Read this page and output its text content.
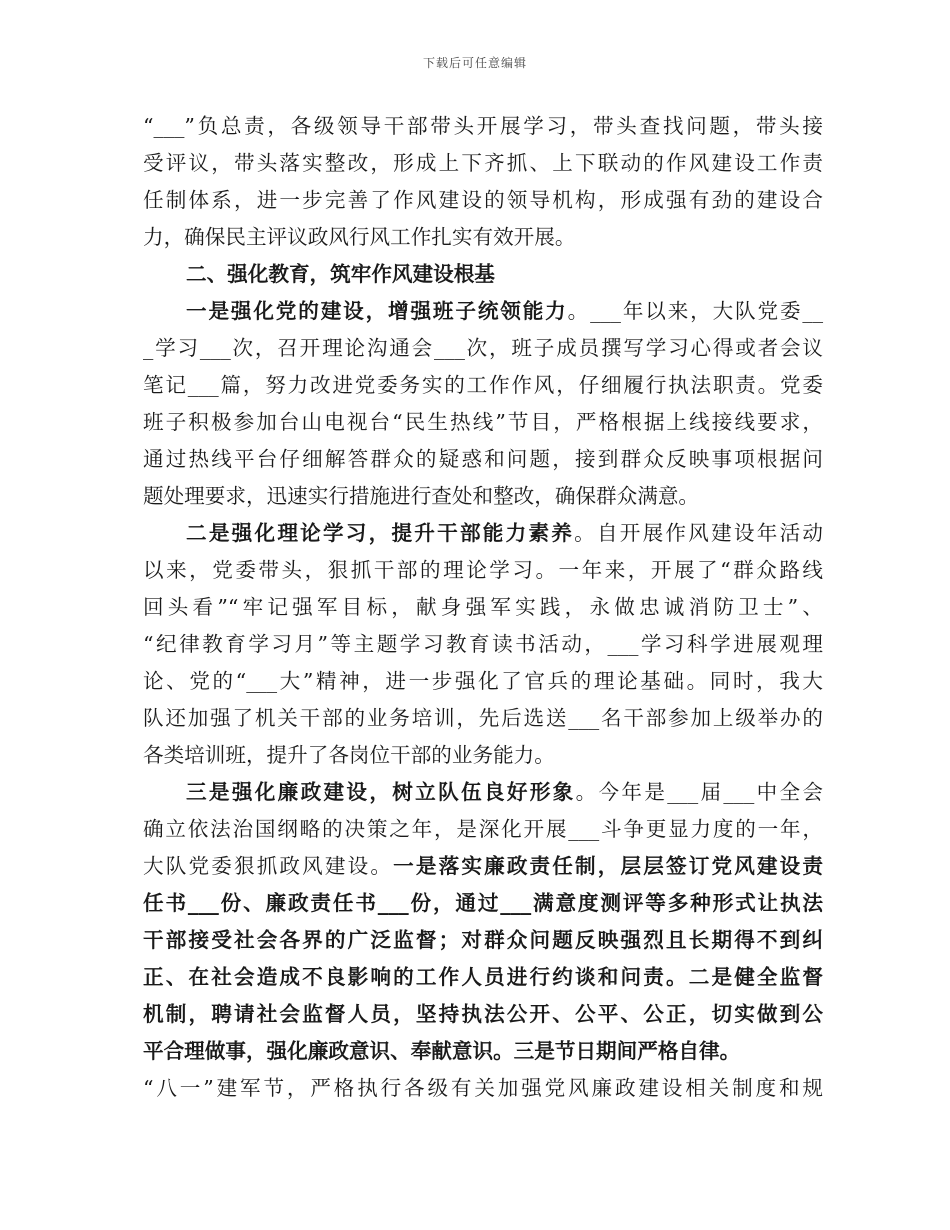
下载后可任意编辑
“___”负总责，各级领导干部带头开展学习，带头查找问题，带头接
受评议，带头落实整改，形成上下齐抓、上下联动的作风建设工作责
任制体系，进一步完善了作风建设的领导机构，形成强有劲的建设合
力，确保民主评议政风行风工作扎实有效开展。
二、强化教育，筑牢作风建设根基
一是强化党的建设，增强班子统领能力。___年以来，大队党委__
_学习___次，召开理论沟通会___次，班子成员撰写学习心得或者会议
笔记___篇，努力改进党委务实的工作作风，仔细履行执法职责。党委
班子积极参加台山电视台“民生热线”节目，严格根据上线接线要求，
通过热线平台仔细解答群众的疑惑和问题，接到群众反映事项根据问
题处理要求，迅速实行措施进行查处和整改，确保群众满意。
二是强化理论学习，提升干部能力素养。自开展作风建设年活动
以来，党委带头，狠抓干部的理论学习。一年来，开展了“群众路线
回头看”“牢记强军目标，献身强军实践，永做忠诚消防卫士”、
“纪律教育学习月”等主题学习教育读书活动，___学习科学进展观理
论、党的“___大”精神，进一步强化了官兵的理论基础。同时，我大
队还加强了机关干部的业务培训，先后选送___名干部参加上级举办的
各类培训班，提升了各岗位干部的业务能力。
三是强化廉政建设，树立队伍良好形象。今年是___届___中全会
确立依法治国纲略的决策之年，是深化开展___斗争更显力度的一年，
大队党委狠抓政风建设。一是落实廉政责任制，层层签订党风建设责
任书___份、廉政责任书___份，通过___满意度测评等多种形式让执法
干部接受社会各界的广泛监督；对群众问题反映强烈且长期得不到纠
正、在社会造成不良影响的工作人员进行约谈和问责。二是健全监督
机制，聘请社会监督人员，坚持执法公开、公平、公正，切实做到公
平合理做事，强化廉政意识、奉献意识。三是节日期间严格自律。
“八一”建军节，严格执行各级有关加强党风廉政建设相关制度和规
